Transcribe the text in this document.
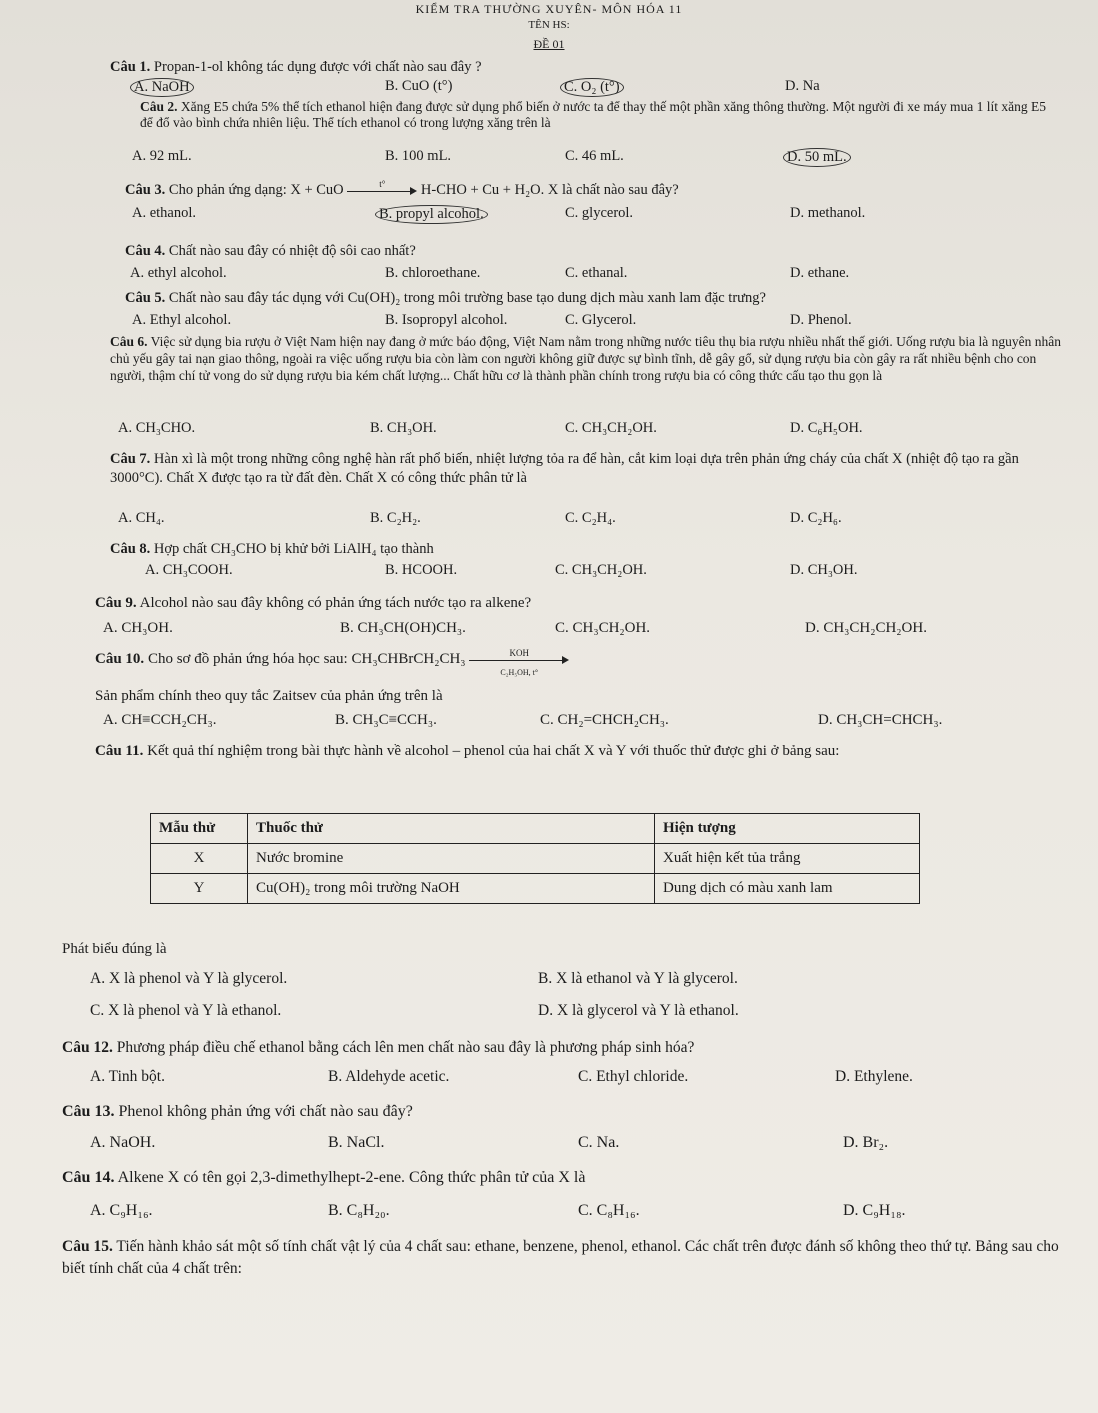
KIỂM TRA THƯỜNG XUYÊN- MÔN HÓA 11
TÊN HS:
ĐỀ 01
Câu 1. Propan-1-ol không tác dụng được với chất nào sau đây ?
A. NaOH	B. CuO (t°)	C. O₂ (t°)	D. Na
Câu 2. Xăng E5 chứa 5% thể tích ethanol hiện đang được sử dụng phổ biến ở nước ta để thay thế một phần xăng thông thường. Một người đi xe máy mua 1 lít xăng E5 để đổ vào bình chứa nhiên liệu. Thể tích ethanol có trong lượng xăng trên là
A. 92 mL.	B. 100 mL.	C. 46 mL.	D. 50 mL.
Câu 3. Cho phản ứng dạng: X + CuO	t°	H-CHO + Cu + H₂O. X là chất nào sau đây?
A. ethanol.	B. propyl alcohol.	C. glycerol.	D. methanol.
Câu 4. Chất nào sau đây có nhiệt độ sôi cao nhất?
A. ethyl alcohol.	B. chloroethane.	C. ethanal.	D. ethane.
Câu 5. Chất nào sau đây tác dụng với Cu(OH)₂ trong môi trường base tạo dung dịch màu xanh lam đặc trưng?
A. Ethyl alcohol.	B. Isopropyl alcohol.	C. Glycerol.	D. Phenol.
Câu 6. Việc sử dụng bia rượu ở Việt Nam hiện nay đang ở mức báo động, Việt Nam nằm trong những nước tiêu thụ bia rượu nhiều nhất thế giới. Uống rượu bia là nguyên nhân chủ yếu gây tai nạn giao thông, ngoài ra việc uống rượu bia còn làm con người không giữ được sự bình tĩnh, dễ gây gổ, sử dụng rượu bia còn gây ra rất nhiều bệnh cho con người, thậm chí tử vong do sử dụng rượu bia kém chất lượng... Chất hữu cơ là thành phần chính trong rượu bia có công thức cấu tạo thu gọn là
A. CH₃CHO.	B. CH₃OH.	C. CH₃CH₂OH.	D. C₆H₅OH.
Câu 7. Hàn xì là một trong những công nghệ hàn rất phổ biến, nhiệt lượng tỏa ra để hàn, cắt kim loại dựa trên phản ứng cháy của chất X (nhiệt độ tạo ra gần 3000°C). Chất X được tạo ra từ đất đèn. Chất X có công thức phân tử là
A. CH₄.	B. C₂H₂.	C. C₂H₄.	D. C₂H₆.
Câu 8. Hợp chất CH₃CHO bị khử bởi LiAlH₄ tạo thành
A. CH₃COOH.	B. HCOOH.	C. CH₃CH₂OH.	D. CH₃OH.
Câu 9. Alcohol nào sau đây không có phản ứng tách nước tạo ra alkene?
A. CH₃OH.	B. CH₃CH(OH)CH₃.	C. CH₃CH₂OH.	D. CH₃CH₂CH₂OH.
Câu 10. Cho sơ đồ phản ứng hóa học sau: CH₃CHBrCH₂CH₃	KOH
C₂H₅OH, t°
Sản phẩm chính theo quy tắc Zaitsev của phản ứng trên là
A. CH≡CCH₂CH₃.	B. CH₃C≡CCH₃.	C. CH₂=CHCH₂CH₃.	D. CH₃CH=CHCH₃.
Câu 11. Kết quả thí nghiệm trong bài thực hành về alcohol – phenol của hai chất X và Y với thuốc thử được ghi ở bảng sau:
Mẫu thử	Thuốc thử	Hiện tượng
X	Nước bromine	Xuất hiện kết tủa trắng
Y	Cu(OH)₂ trong môi trường NaOH	Dung dịch có màu xanh lam
Phát biểu đúng là
A. X là phenol và Y là glycerol.	B. X là ethanol và Y là glycerol.
C. X là phenol và Y là ethanol.	D. X là glycerol và Y là ethanol.
Câu 12. Phương pháp điều chế ethanol bằng cách lên men chất nào sau đây là phương pháp sinh hóa?
A. Tinh bột.	B. Aldehyde acetic.	C. Ethyl chloride.	D. Ethylene.
Câu 13. Phenol không phản ứng với chất nào sau đây?
A. NaOH.	B. NaCl.	C. Na.	D. Br₂.
Câu 14. Alkene X có tên gọi 2,3-dimethylhept-2-ene. Công thức phân tử của X là
A. C₉H₁₆.	B. C₈H₂₀.	C. C₈H₁₆.	D. C₉H₁₈.
Câu 15. Tiến hành khảo sát một số tính chất vật lý của 4 chất sau: ethane, benzene, phenol, ethanol. Các chất trên được đánh số không theo thứ tự. Bảng sau cho biết tính chất của 4 chất trên:
